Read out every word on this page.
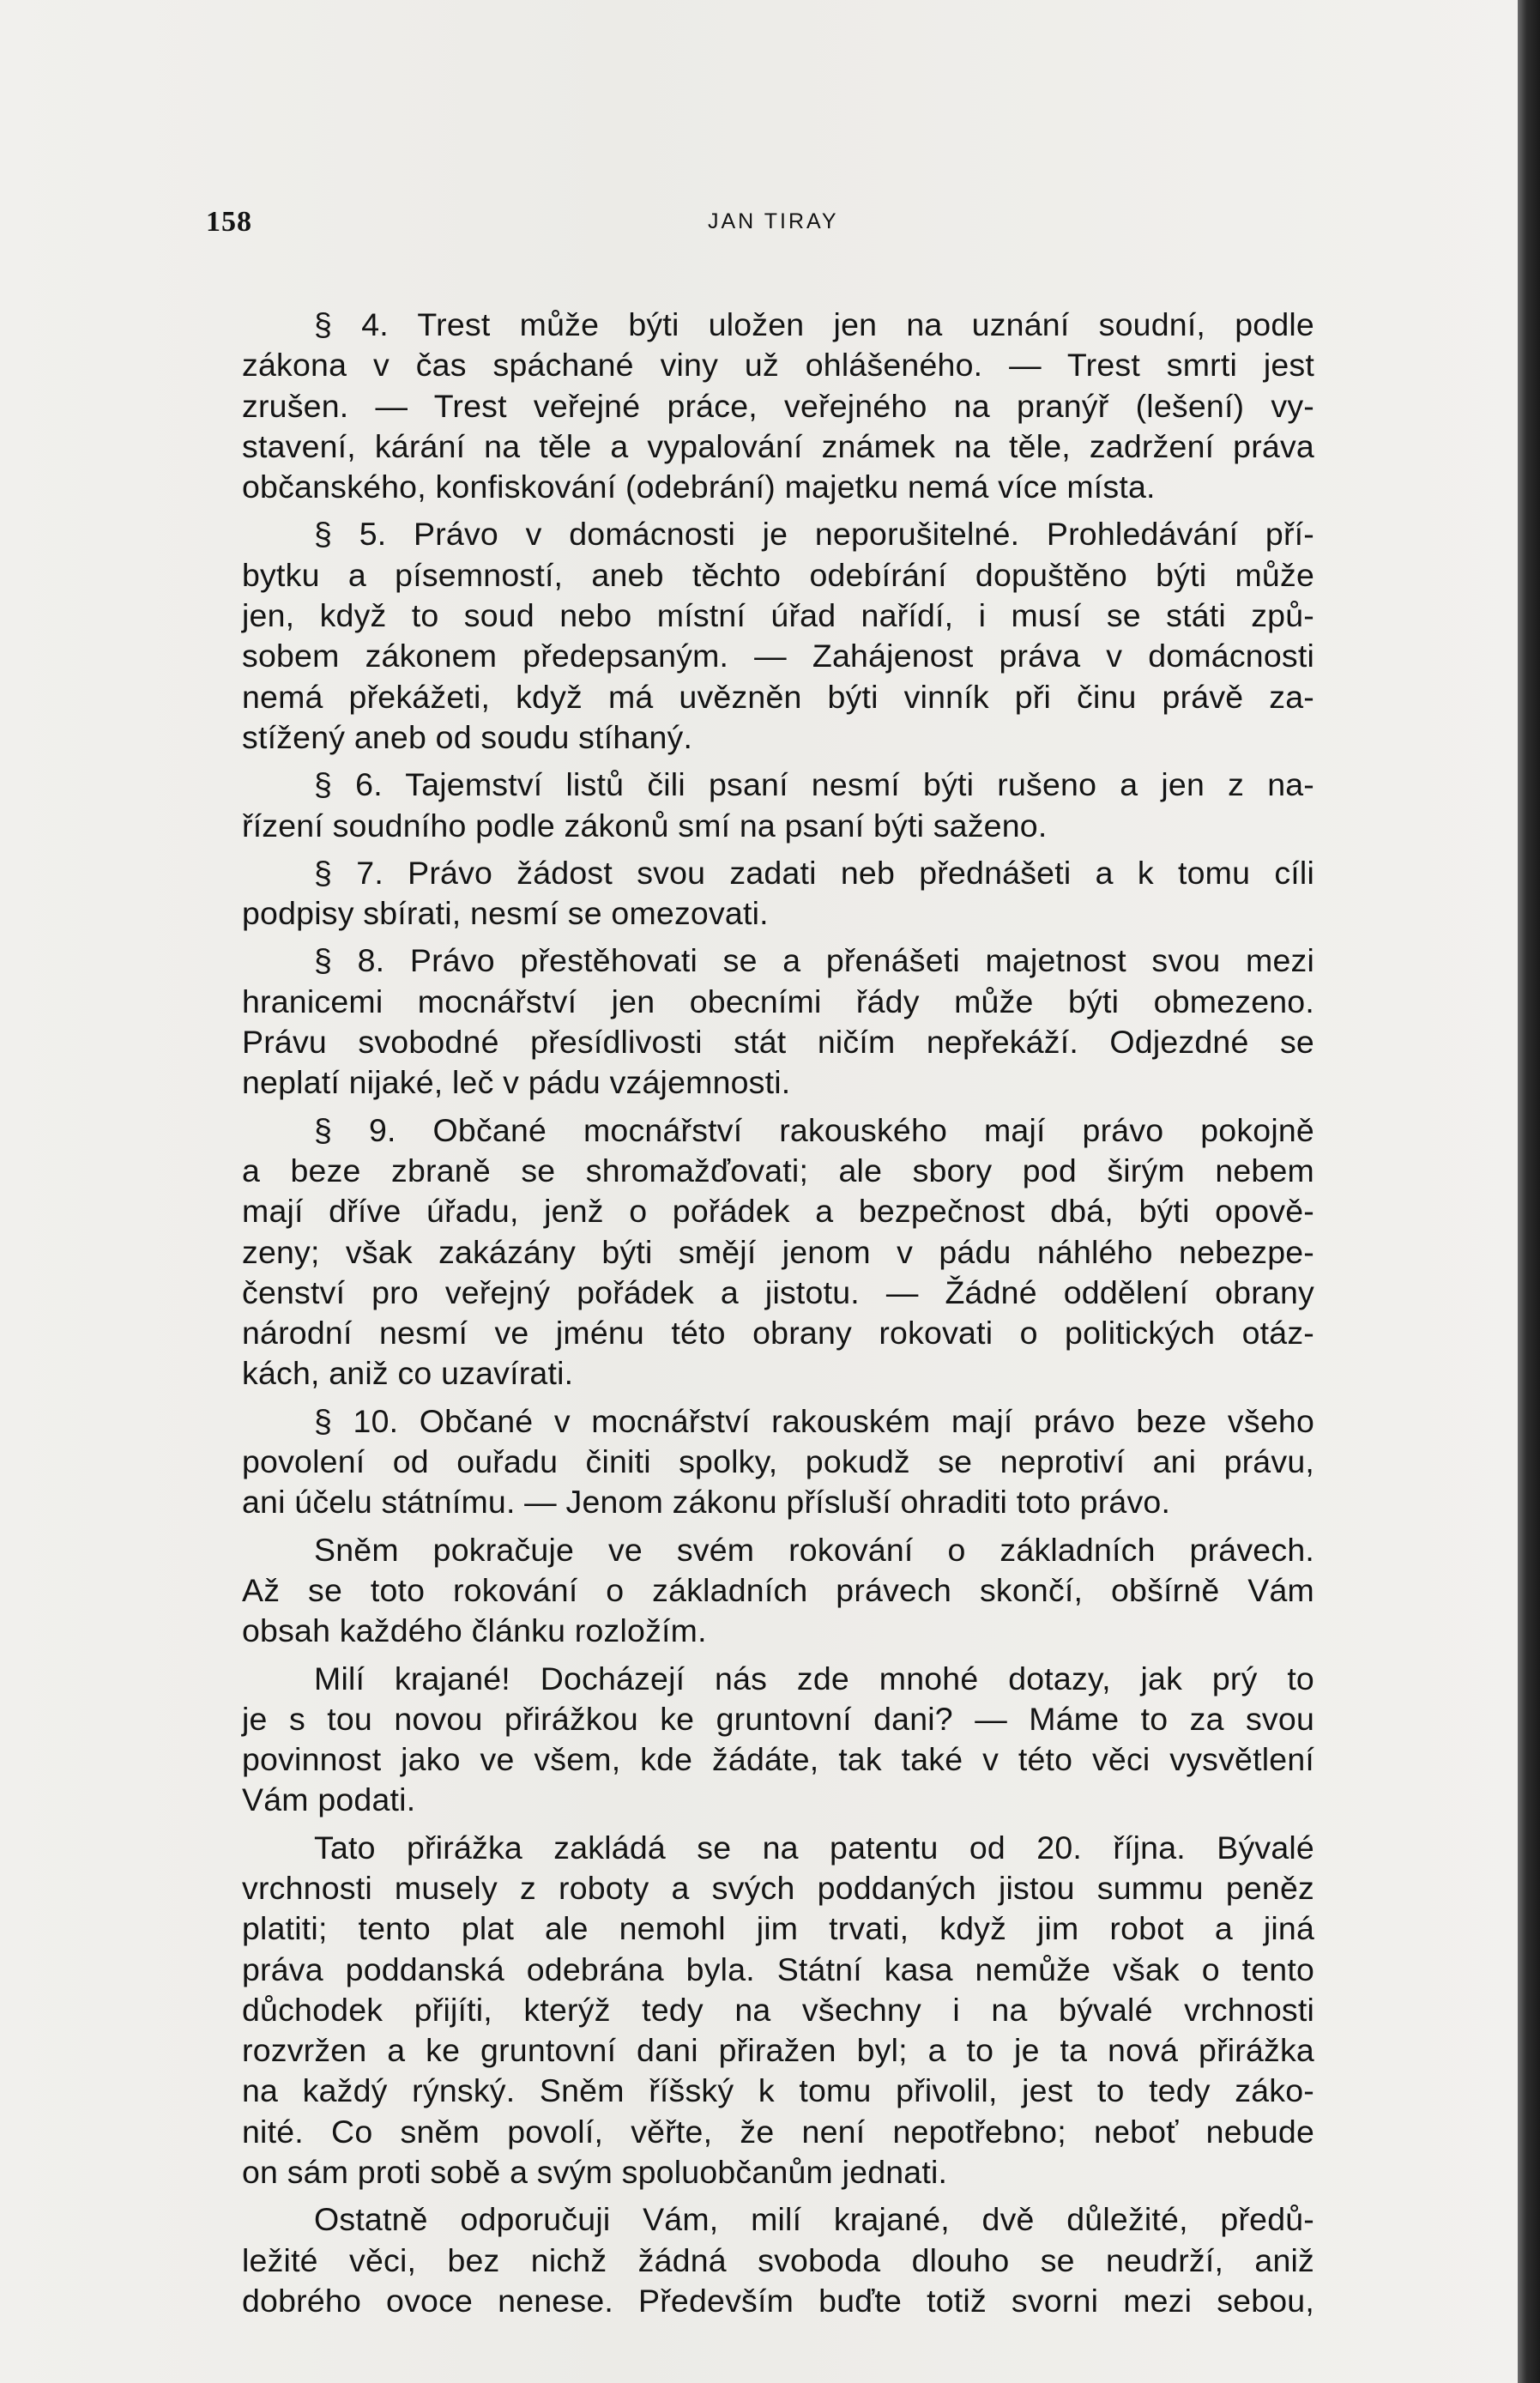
158	JAN TIRAY

§ 4. Trest může býti uložen jen na uznání soudní, podle
zákona v čas spáchané viny už ohlášeného. — Trest smrti jest
zrušen. — Trest veřejné práce, veřejného na pranýř (lešení) vy-
stavení, kárání na těle a vypalování známek na těle, zadržení práva
občanského, konfiskování (odebrání) majetku nemá více místa.

§ 5. Právo v domácnosti je neporušitelné. Prohledávání pří-
bytku a písemností, aneb těchto odebírání dopuštěno býti může
jen, když to soud nebo místní úřad nařídí, i musí se státi způ-
sobem zákonem předepsaným. — Zahájenost práva v domácnosti
nemá překážeti, když má uvězněn býti vinník při činu právě za-
stížený aneb od soudu stíhaný.

§ 6. Tajemství listů čili psaní nesmí býti rušeno a jen z na-
řízení soudního podle zákonů smí na psaní býti saženo.

§ 7. Právo žádost svou zadati neb přednášeti a k tomu cíli
podpisy sbírati, nesmí se omezovati.

§ 8. Právo přestěhovati se a přenášeti majetnost svou mezi
hranicemi mocnářství jen obecními řády může býti obmezeno.
Právu svobodné přesídlivosti stát ničím nepřekáží. Odjezdné se
neplatí nijaké, leč v pádu vzájemnosti.

§ 9. Občané mocnářství rakouského mají právo pokojně
a beze zbraně se shromažďovati; ale sbory pod širým nebem
mají dříve úřadu, jenž o pořádek a bezpečnost dbá, býti opově-
zeny; však zakázány býti smějí jenom v pádu náhlého nebezpe-
čenství pro veřejný pořádek a jistotu. — Žádné oddělení obrany
národní nesmí ve jménu této obrany rokovati o politických otáz-
kách, aniž co uzavírati.

§ 10. Občané v mocnářství rakouském mají právo beze všeho
povolení od ouřadu činiti spolky, pokudž se neprotiví ani právu,
ani účelu státnímu. — Jenom zákonu přísluší ohraditi toto právo.

Sněm pokračuje ve svém rokování o základních právech.
Až se toto rokování o základních právech skončí, obšírně Vám
obsah každého článku rozložím.

Milí krajané! Docházejí nás zde mnohé dotazy, jak prý to
je s tou novou přirážkou ke gruntovní dani? — Máme to za svou
povinnost jako ve všem, kde žádáte, tak také v této věci vysvětlení
Vám podati.

Tato přirážka zakládá se na patentu od 20. října. Bývalé
vrchnosti musely z roboty a svých poddaných jistou summu peněz
platiti; tento plat ale nemohl jim trvati, když jim robot a jiná
práva poddanská odebrána byla. Státní kasa nemůže však o tento
důchodek přijíti, kterýž tedy na všechny i na bývalé vrchnosti
rozvržen a ke gruntovní dani přiražen byl; a to je ta nová přirážka
na každý rýnský. Sněm říšský k tomu přivolil, jest to tedy záko-
nité. Co sněm povolí, věřte, že není nepotřebno; neboť nebude
on sám proti sobě a svým spoluobčanům jednati.

Ostatně odporučuji Vám, milí krajané, dvě důležité, předů-
ležité věci, bez nichž žádná svoboda dlouho se neudrží, aniž
dobrého ovoce nenese. Především buďte totiž svorni mezi sebou,
